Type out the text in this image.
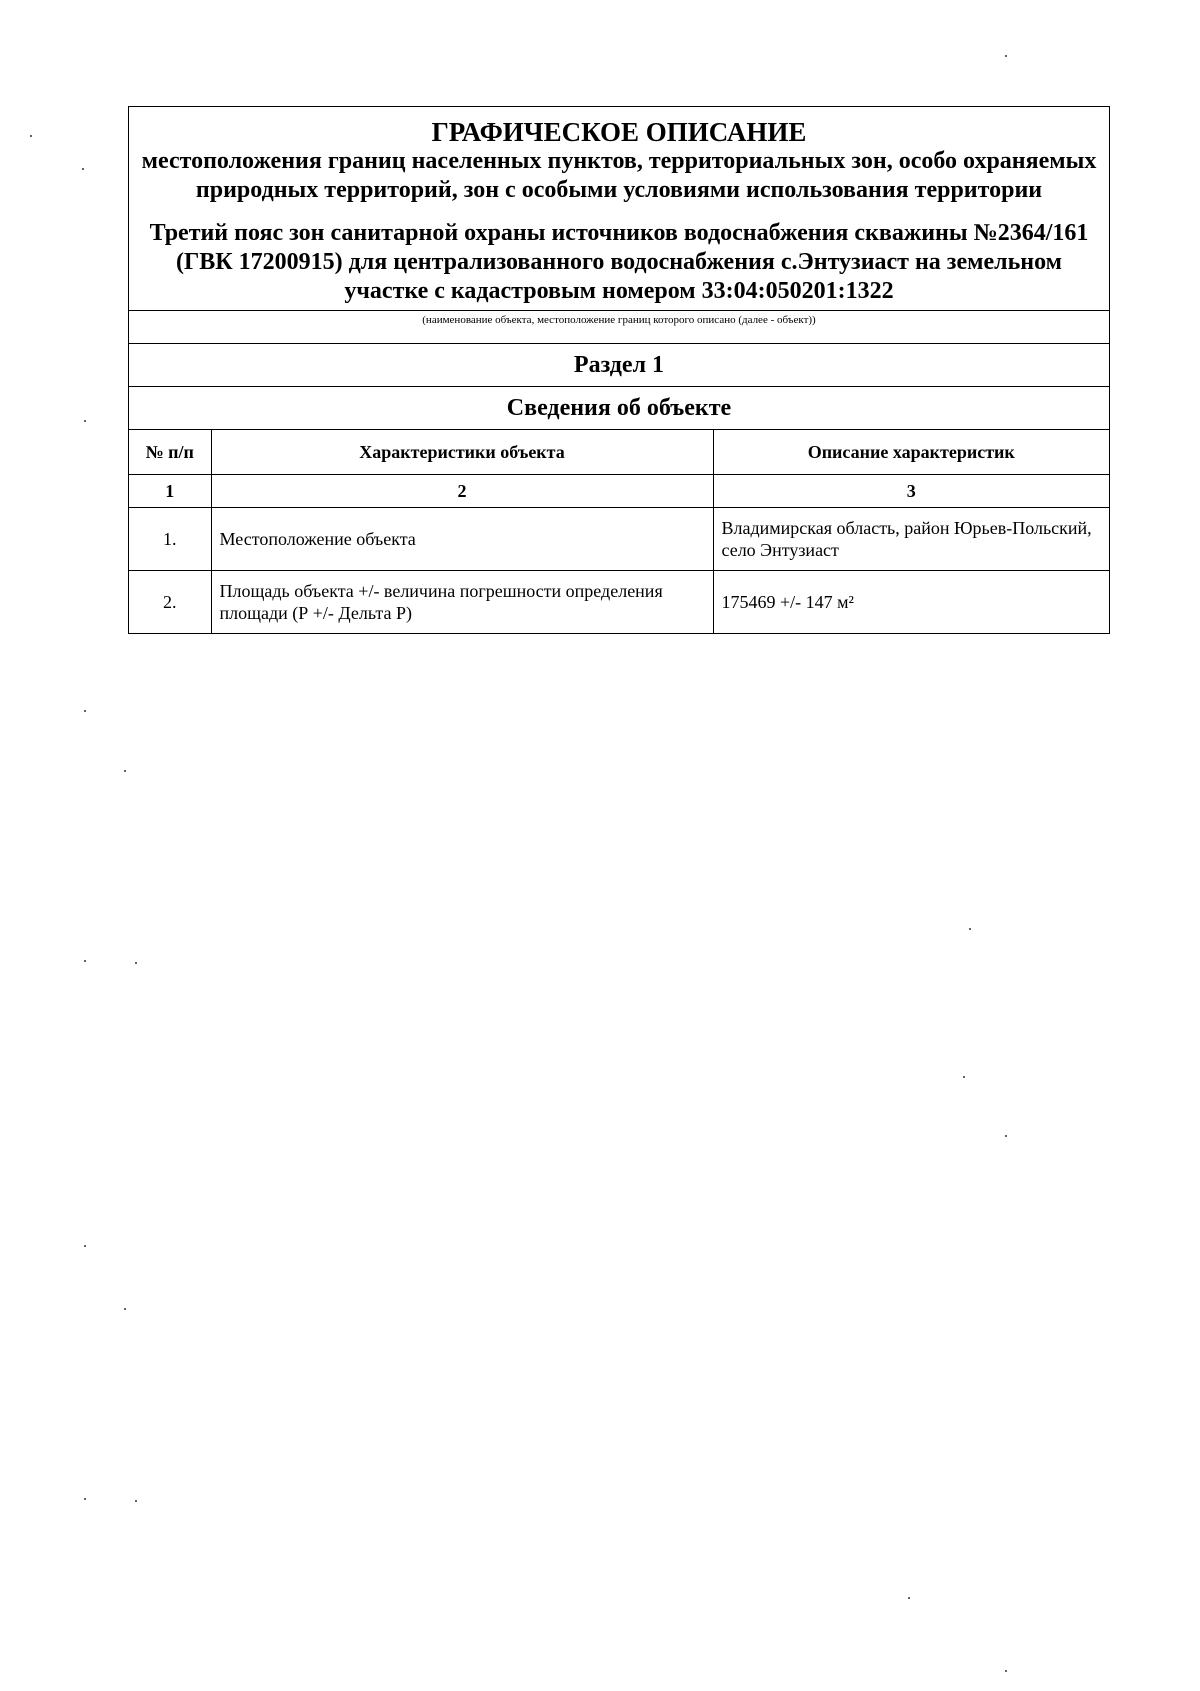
ГРАФИЧЕСКОЕ ОПИСАНИЕ

местоположения границ населенных пунктов, территориальных зон, особо охраняемых природных территорий, зон с особыми условиями использования территории

Третий пояс зон санитарной охраны источников водоснабжения скважины №2364/161 (ГВК 17200915) для централизованного водоснабжения с.Энтузиаст на земельном участке с кадастровым номером 33:04:050201:1322

(наименование объекта, местоположение границ которого описано (далее - объект))
Раздел 1
Сведения об объекте
№ п/п	Характеристики объекта	Описание характеристик
1	2	3
1.	Местоположение объекта	Владимирская область, район Юрьев-Польский, село Энтузиаст
2.	Площадь объекта +/- величина погрешности определения площади (Р +/- Дельта Р)	175469 +/- 147 м²
